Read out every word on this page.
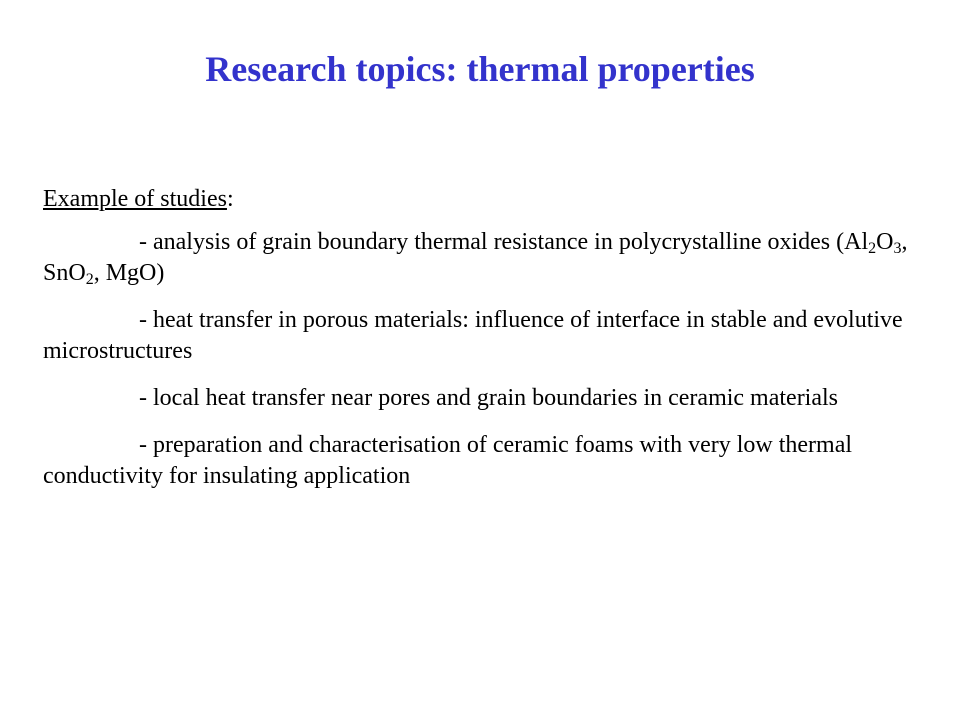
Research topics: thermal properties

Example of studies:

- analysis of grain boundary thermal resistance in polycrystalline oxides ($Al_2O_3$, SnO$_2$, MgO)

- heat transfer in porous materials: influence of interface in stable and evolutive microstructures

- local heat transfer near pores and grain boundaries in ceramic materials

- preparation and characterisation of ceramic foams with very low thermal conductivity for insulating application
